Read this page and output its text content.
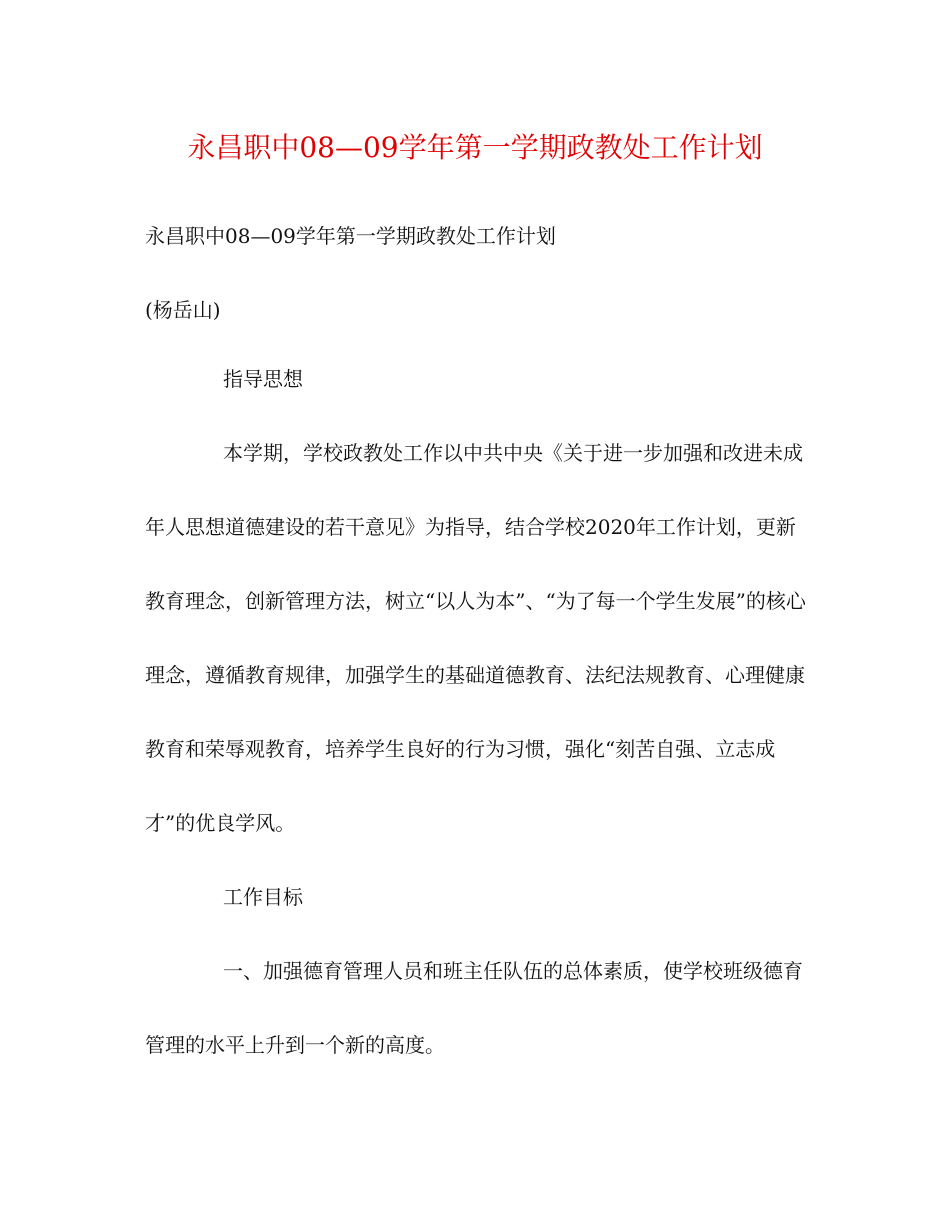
永昌职中08—09学年第一学期政教处工作计划

永昌职中08—09学年第一学期政教处工作计划

(杨岳山)

指导思想

本学期，学校政教处工作以中共中央《关于进一步加强和改进未成年人思想道德建设的若干意见》为指导，结合学校2020年工作计划，更新教育理念，创新管理方法，树立“以人为本”、“为了每一个学生发展”的核心理念，遵循教育规律，加强学生的基础道德教育、法纪法规教育、心理健康教育和荣辱观教育，培养学生良好的行为习惯，强化“刻苦自强、立志成才”的优良学风。

工作目标

一、加强德育管理人员和班主任队伍的总体素质，使学校班级德育管理的水平上升到一个新的高度。
